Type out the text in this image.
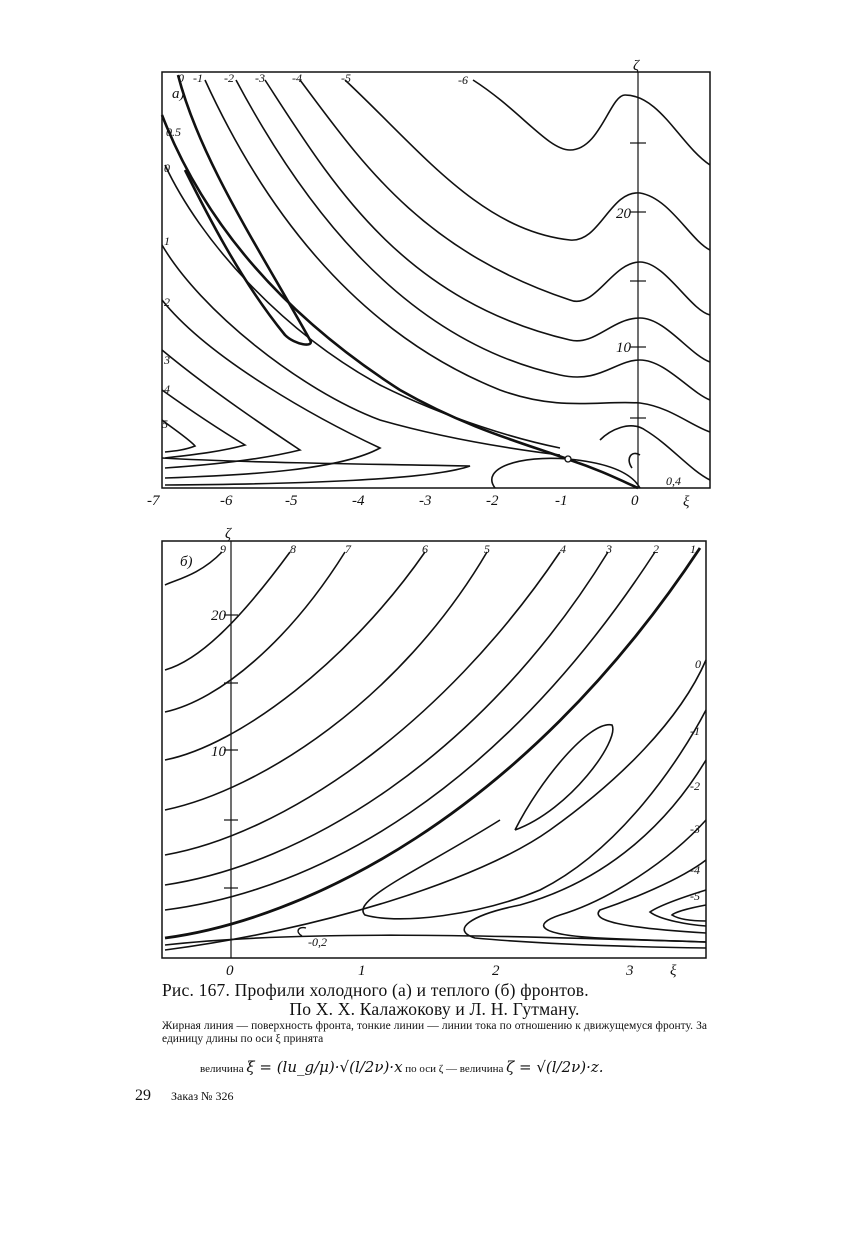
ζ
20
10
a)
-7	-6	-5	-4	-3	-2	-1	0	ξ
-1 -2 -3 -4	-5	-6
0
0.5
0
1
2
3
4
5
0,4
ζ
20
10
б)
0	1	2	3 ξ
9	8	7	6	5	4	3	2	1
0
-1
-2
-3
-4
-5
-0,2
Рис. 167. Профили холодного (а) и теплого (б) фронтов.
По Х. Х. Калажокову и Л. Н. Гутману.
Жирная линия — поверхность фронта, тонкие линии — линии тока по отношению к движущемуся фронту. За единицу длины по оси ξ принята
величина ξ = (lu_g/μ)·√(l/2ν)·x по оси ζ — величина ζ = √(l/2ν)·z.
29 Заказ № 326
